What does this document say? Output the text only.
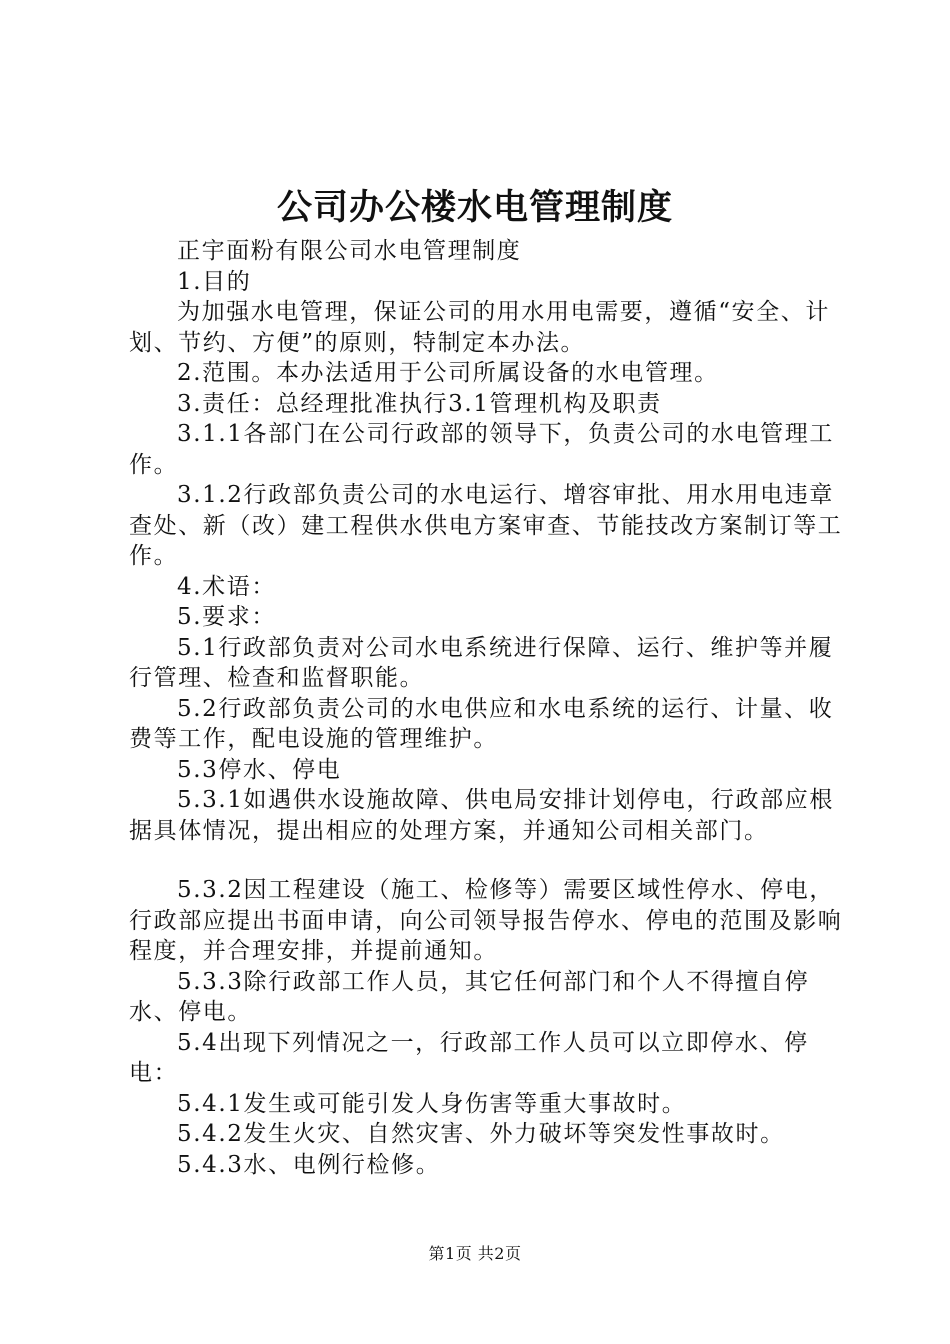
公司办公楼水电管理制度

正宇面粉有限公司水电管理制度

1.目的

为加强水电管理，保证公司的用水用电需要，遵循“安全、计划、节约、方便”的原则，特制定本办法。

2.范围。本办法适用于公司所属设备的水电管理。

3.责任：总经理批准执行3.1管理机构及职责

3.1.1各部门在公司行政部的领导下，负责公司的水电管理工作。

3.1.2行政部负责公司的水电运行、增容审批、用水用电违章查处、新（改）建工程供水供电方案审查、节能技改方案制订等工作。

4.术语：

5.要求：

5.1行政部负责对公司水电系统进行保障、运行、维护等并履行管理、检查和监督职能。

5.2行政部负责公司的水电供应和水电系统的运行、计量、收费等工作，配电设施的管理维护。

5.3停水、停电

5.3.1如遇供水设施故障、供电局安排计划停电，行政部应根据具体情况，提出相应的处理方案，并通知公司相关部门。

5.3.2因工程建设（施工、检修等）需要区域性停水、停电，行政部应提出书面申请，向公司领导报告停水、停电的范围及影响程度，并合理安排，并提前通知。

5.3.3除行政部工作人员，其它任何部门和个人不得擅自停水、停电。

5.4出现下列情况之一，行政部工作人员可以立即停水、停电：

5.4.1发生或可能引发人身伤害等重大事故时。

5.4.2发生火灾、自然灾害、外力破坏等突发性事故时。

5.4.3水、电例行检修。

第1页 共2页
